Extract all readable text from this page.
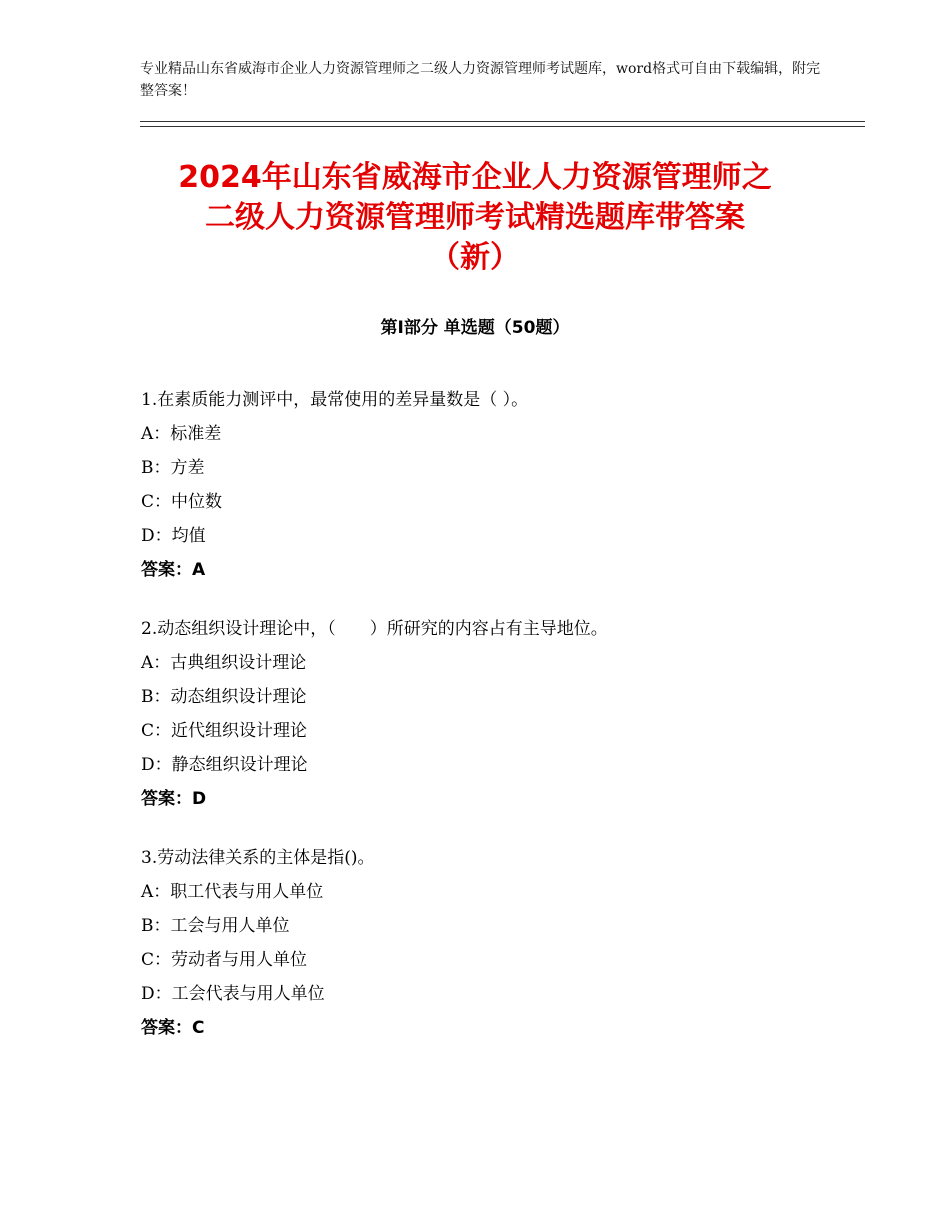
专业精品山东省威海市企业人力资源管理师之二级人力资源管理师考试题库，word格式可自由下载编辑，附完整答案！
2024年山东省威海市企业人力资源管理师之
二级人力资源管理师考试精选题库带答案
（新）
第Ⅰ部分 单选题（50题）
1.在素质能力测评中，最常使用的差异量数是（ ）。
A：标准差
B：方差
C：中位数
D：均值
答案：A
2.动态组织设计理论中，（　　）所研究的内容占有主导地位。
A：古典组织设计理论
B：动态组织设计理论
C：近代组织设计理论
D：静态组织设计理论
答案：D
3.劳动法律关系的主体是指()。
A：职工代表与用人单位
B：工会与用人单位
C：劳动者与用人单位
D：工会代表与用人单位
答案：C
